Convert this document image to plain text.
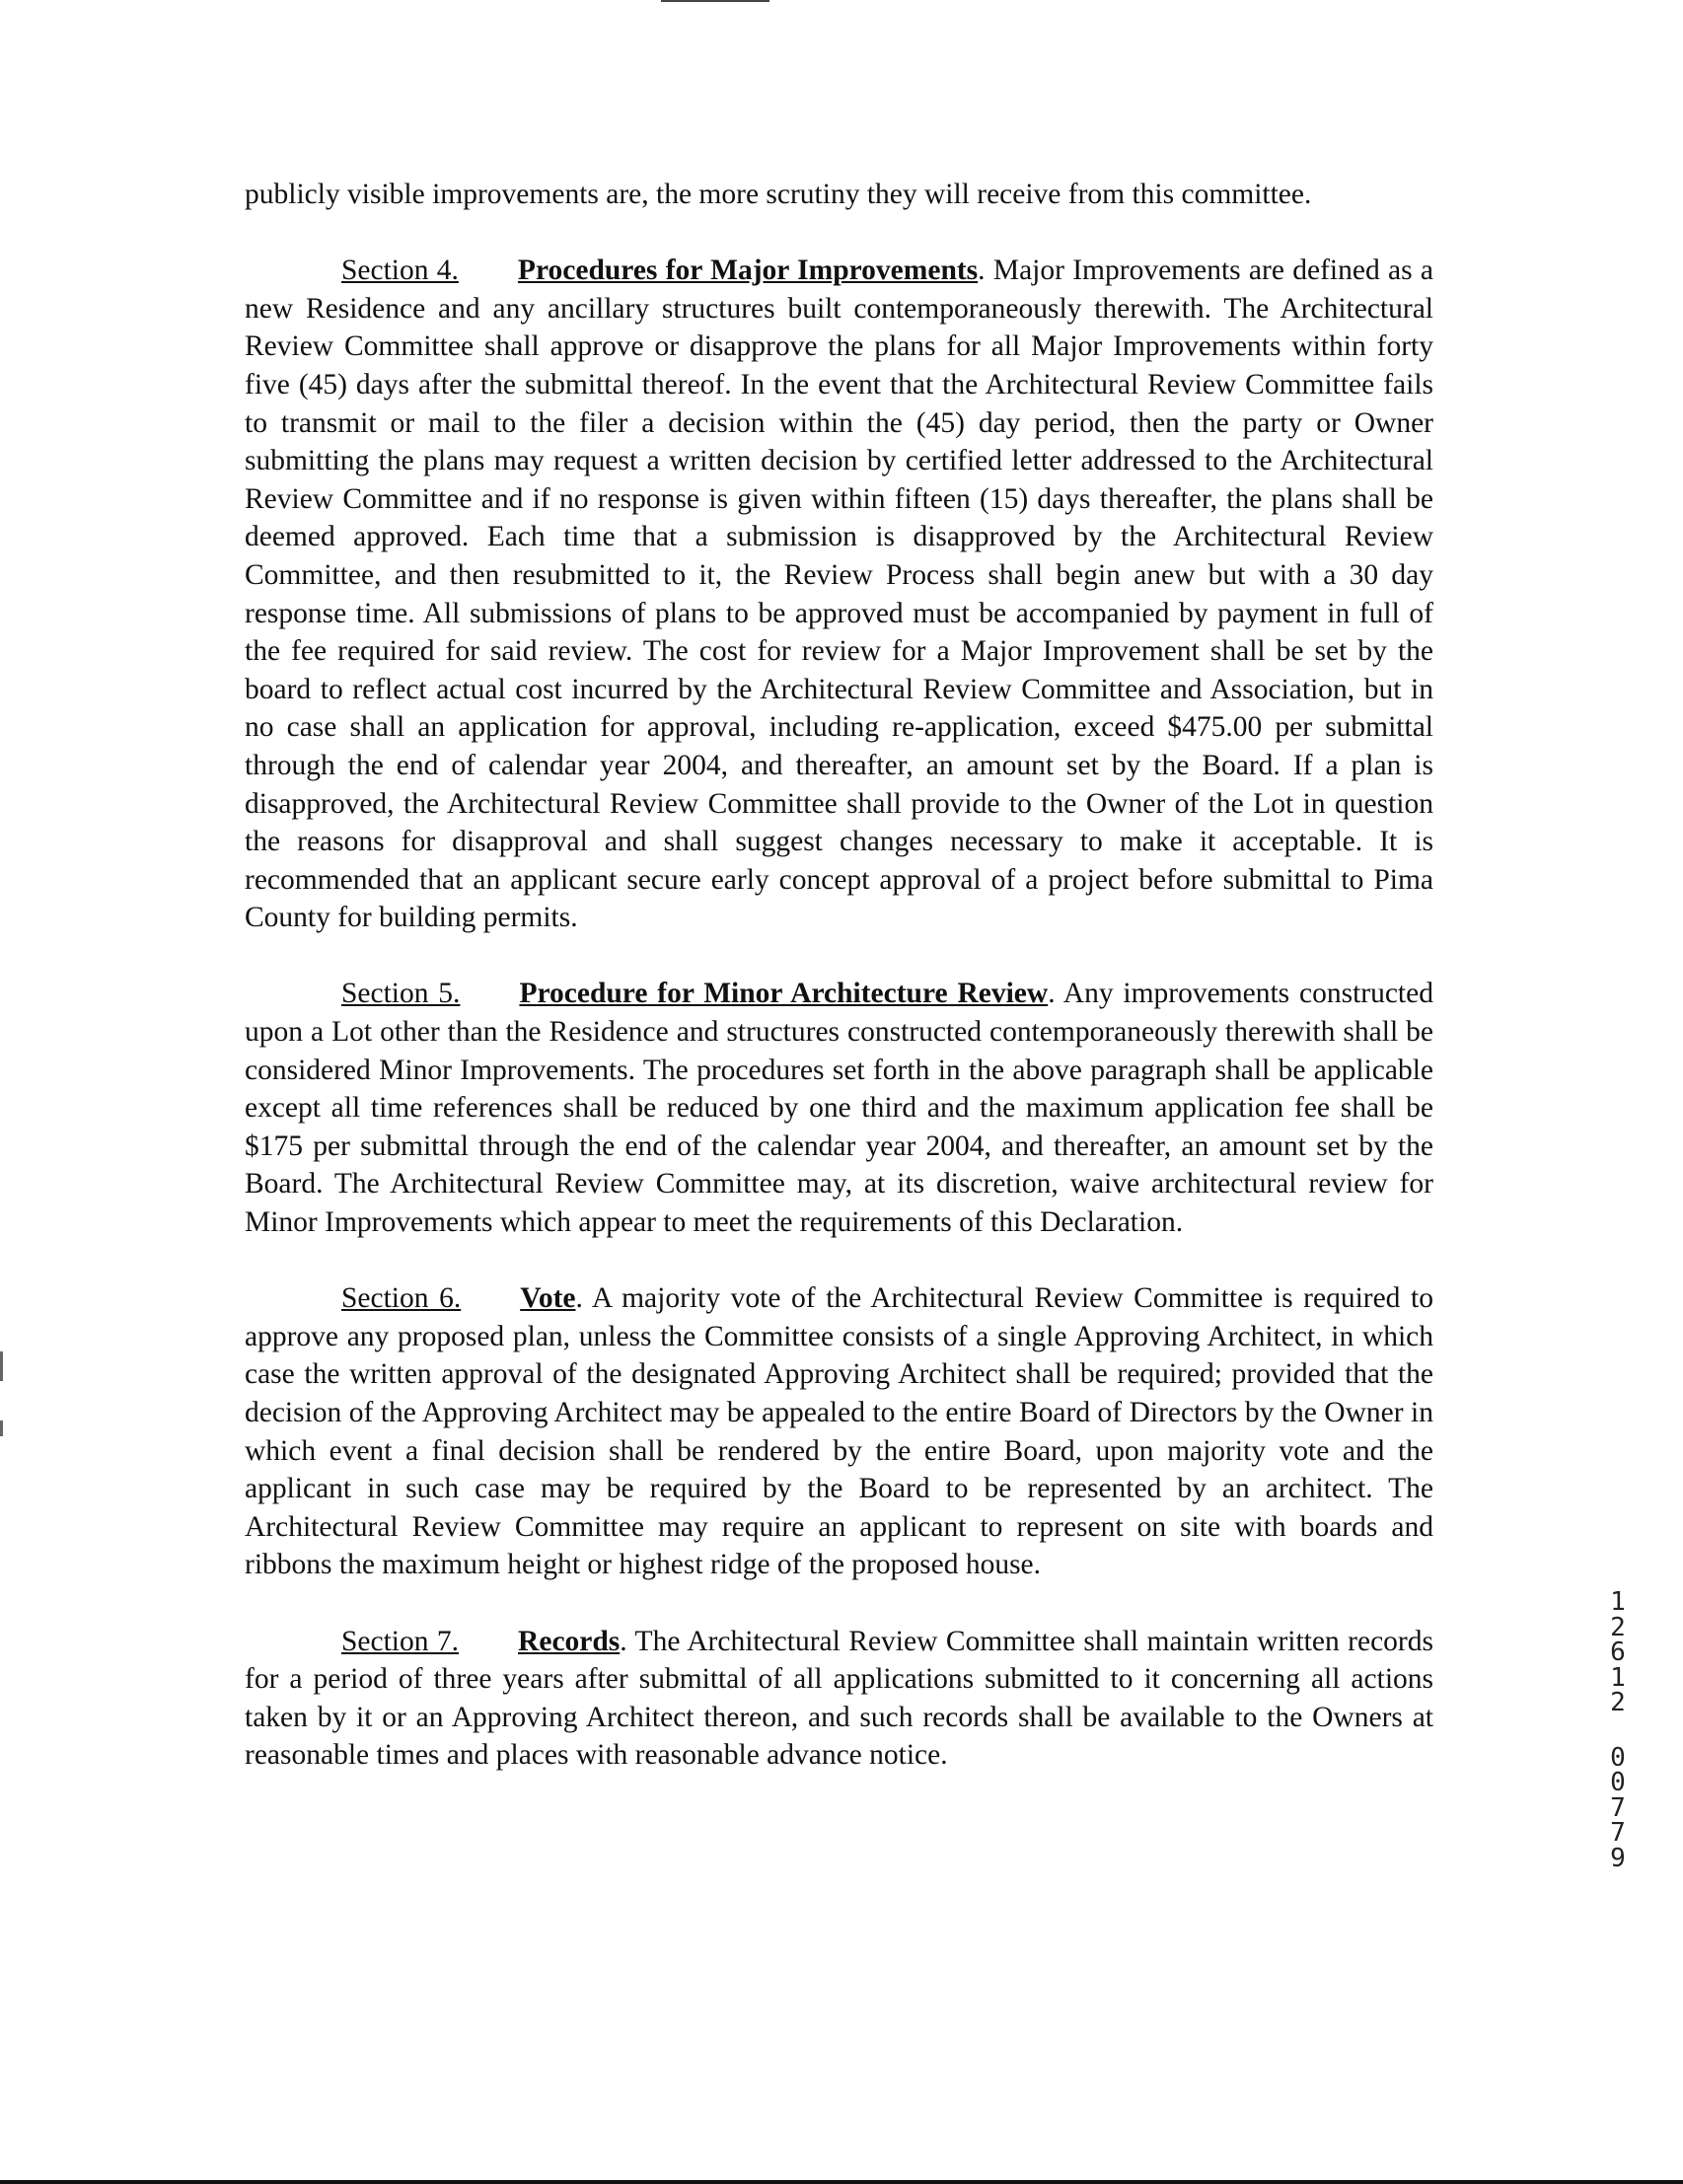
publicly visible improvements are, the more scrutiny they will receive from this committee.

Section 4. Procedures for Major Improvements. Major Improvements are defined as a new Residence and any ancillary structures built contemporaneously therewith. The Architectural Review Committee shall approve or disapprove the plans for all Major Improvements within forty five (45) days after the submittal thereof. In the event that the Architectural Review Committee fails to transmit or mail to the filer a decision within the (45) day period, then the party or Owner submitting the plans may request a written decision by certified letter addressed to the Architectural Review Committee and if no response is given within fifteen (15) days thereafter, the plans shall be deemed approved. Each time that a submission is disapproved by the Architectural Review Committee, and then resubmitted to it, the Review Process shall begin anew but with a 30 day response time. All submissions of plans to be approved must be accompanied by payment in full of the fee required for said review. The cost for review for a Major Improvement shall be set by the board to reflect actual cost incurred by the Architectural Review Committee and Association, but in no case shall an application for approval, including re-application, exceed $475.00 per submittal through the end of calendar year 2004, and thereafter, an amount set by the Board. If a plan is disapproved, the Architectural Review Committee shall provide to the Owner of the Lot in question the reasons for disapproval and shall suggest changes necessary to make it acceptable. It is recommended that an applicant secure early concept approval of a project before submittal to Pima County for building permits.

Section 5. Procedure for Minor Architecture Review. Any improvements constructed upon a Lot other than the Residence and structures constructed contemporaneously therewith shall be considered Minor Improvements. The procedures set forth in the above paragraph shall be applicable except all time references shall be reduced by one third and the maximum application fee shall be $175 per submittal through the end of the calendar year 2004, and thereafter, an amount set by the Board. The Architectural Review Committee may, at its discretion, waive architectural review for Minor Improvements which appear to meet the requirements of this Declaration.

Section 6. Vote. A majority vote of the Architectural Review Committee is required to approve any proposed plan, unless the Committee consists of a single Approving Architect, in which case the written approval of the designated Approving Architect shall be required; provided that the decision of the Approving Architect may be appealed to the entire Board of Directors by the Owner in which event a final decision shall be rendered by the entire Board, upon majority vote and the applicant in such case may be required by the Board to be represented by an architect. The Architectural Review Committee may require an applicant to represent on site with boards and ribbons the maximum height or highest ridge of the proposed house.

Section 7. Records. The Architectural Review Committee shall maintain written records for a period of three years after submittal of all applications submitted to it concerning all actions taken by it or an Approving Architect thereon, and such records shall be available to the Owners at reasonable times and places with reasonable advance notice.

1
2
6
1
2
0
0
7
7
9
